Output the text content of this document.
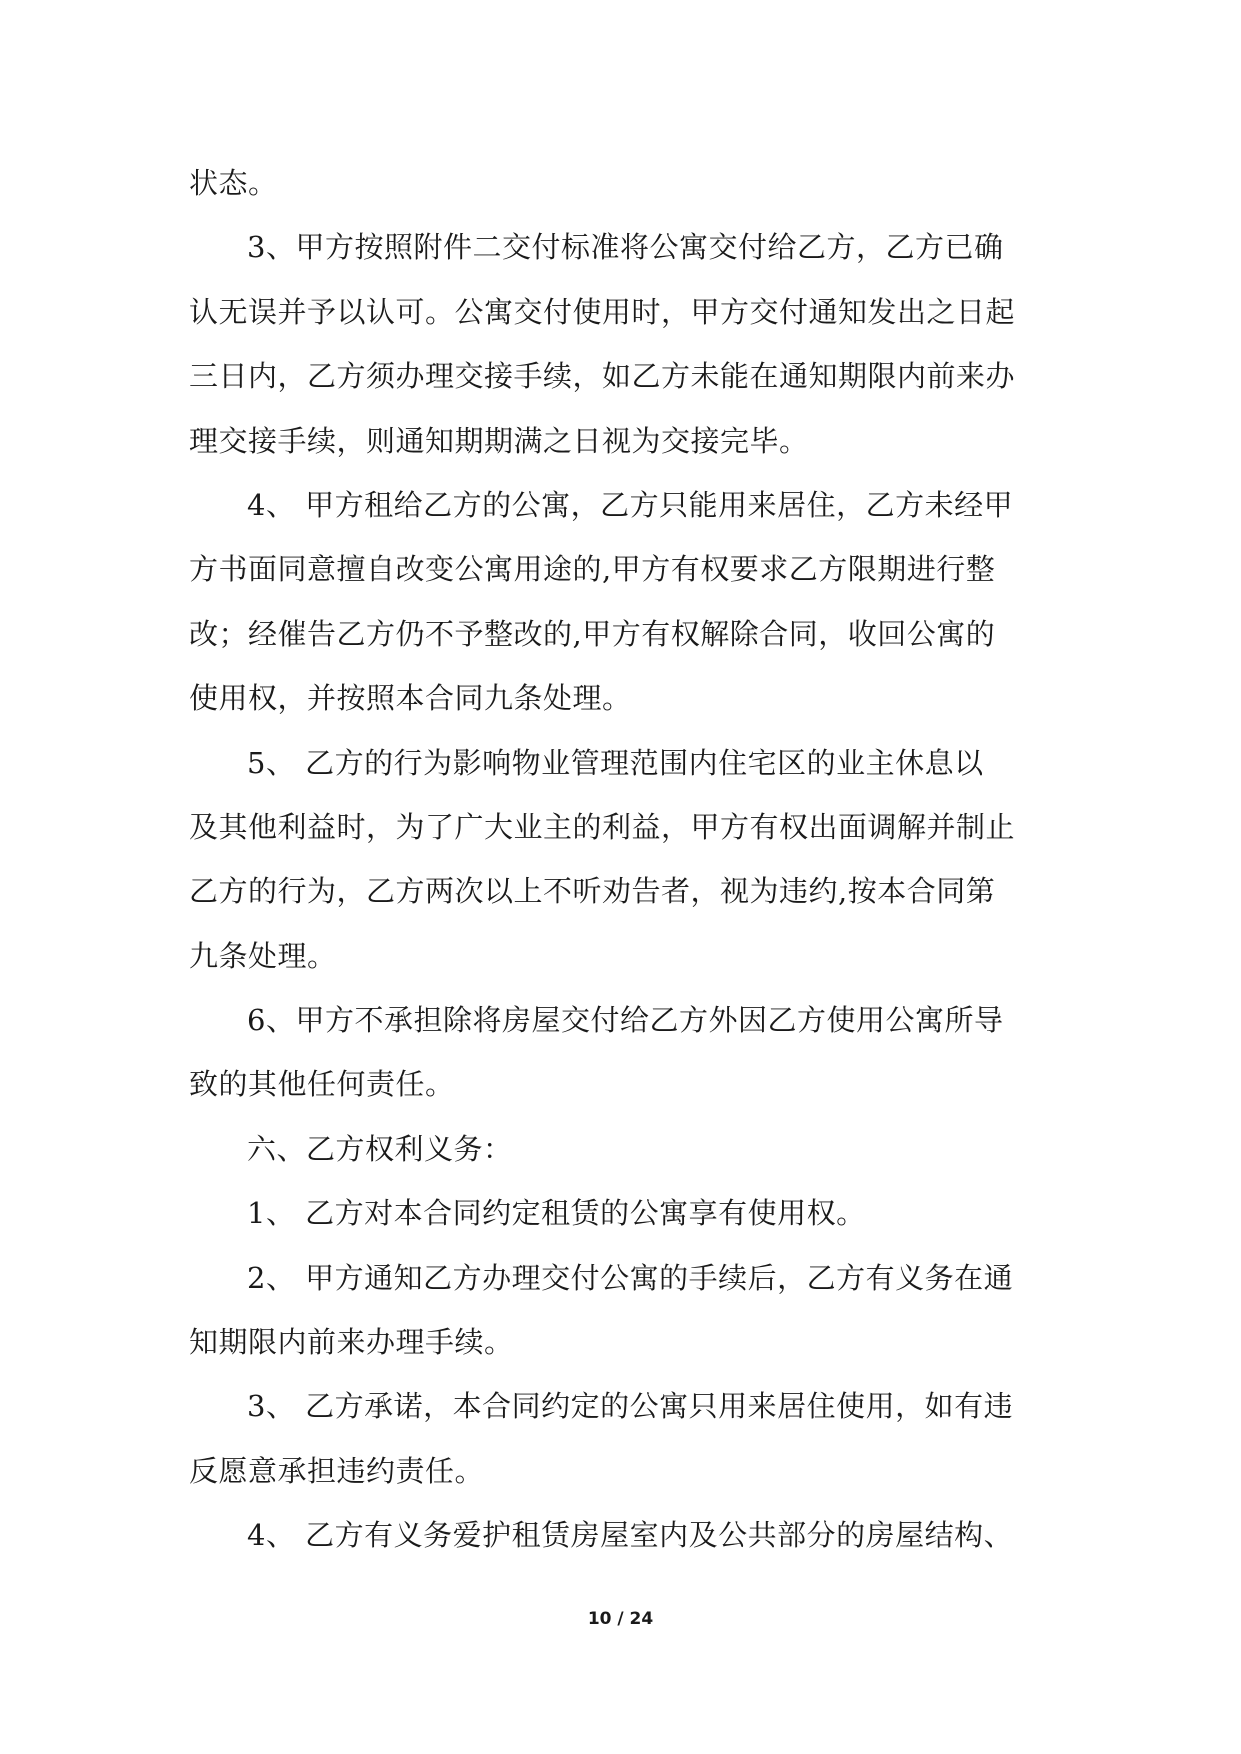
状态。
3、甲方按照附件二交付标准将公寓交付给乙方，乙方已确
认无误并予以认可。公寓交付使用时，甲方交付通知发出之日起
三日内，乙方须办理交接手续，如乙方未能在通知期限内前来办
理交接手续，则通知期期满之日视为交接完毕。
4、 甲方租给乙方的公寓，乙方只能用来居住，乙方未经甲
方书面同意擅自改变公寓用途的,甲方有权要求乙方限期进行整
改；经催告乙方仍不予整改的,甲方有权解除合同，收回公寓的
使用权，并按照本合同九条处理。
5、 乙方的行为影响物业管理范围内住宅区的业主休息以
及其他利益时，为了广大业主的利益，甲方有权出面调解并制止
乙方的行为，乙方两次以上不听劝告者，视为违约,按本合同第
九条处理。
6、甲方不承担除将房屋交付给乙方外因乙方使用公寓所导
致的其他任何责任。
六、乙方权利义务：
1、 乙方对本合同约定租赁的公寓享有使用权。
2、 甲方通知乙方办理交付公寓的手续后，乙方有义务在通
知期限内前来办理手续。
3、 乙方承诺，本合同约定的公寓只用来居住使用，如有违
反愿意承担违约责任。
4、 乙方有义务爱护租赁房屋室内及公共部分的房屋结构、
10 / 24
